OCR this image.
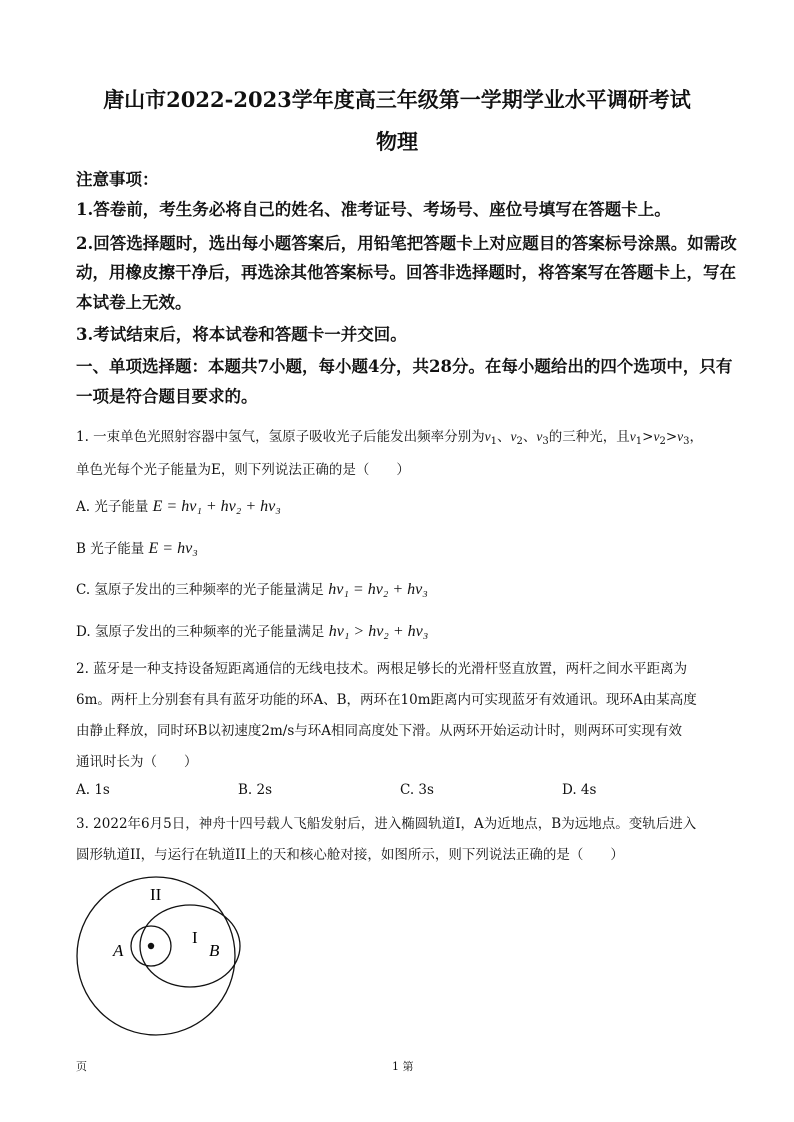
唐山市2022-2023学年度高三年级第一学期学业水平调研考试
物理
注意事项：
1.答卷前，考生务必将自己的姓名、准考证号、考场号、座位号填写在答题卡上。
2.回答选择题时，选出每小题答案后，用铅笔把答题卡上对应题目的答案标号涂黑。如需改
动，用橡皮擦干净后，再选涂其他答案标号。回答非选择题时，将答案写在答题卡上，写在
本试卷上无效。
3.考试结束后，将本试卷和答题卡一并交回。
一、单项选择题：本题共7小题，每小题4分，共28分。在每小题给出的四个选项中，只有
一项是符合题目要求的。
1. 一束单色光照射容器中氢气，氢原子吸收光子后能发出频率分别为$\nu_1$、$\nu_2$、$\nu_3$的三种光，且$\nu_1>\nu_2>\nu_3$，
单色光每个光子能量为E，则下列说法正确的是（　　）
A. 光子能量 E = hν₁ + hν₂ + hν₃
B 光子能量 E = hν₃
C. 氢原子发出的三种频率的光子能量满足 hν₁ = hν₂ + hν₃
D. 氢原子发出的三种频率的光子能量满足 hν₁ > hν₂ + hν₃
2. 蓝牙是一种支持设备短距离通信的无线电技术。两根足够长的光滑杆竖直放置，两杆之间水平距离为
6m。两杆上分别套有具有蓝牙功能的环A、B，两环在10m距离内可实现蓝牙有效通讯。现环A由某高度
由静止释放，同时环B以初速度2m/s与环A相同高度处下滑。从两环开始运动计时，则两环可实现有效
通讯时长为（　　）
A. 1s	B. 2s	C. 3s	D. 4s
3. 2022年6月5日，神舟十四号载人飞船发射后，进入椭圆轨道I，A为近地点，B为远地点。变轨后进入
圆形轨道II，与运行在轨道II上的天和核心舱对接，如图所示，则下列说法正确的是（　　）
II
I
A	B
页	1 第
